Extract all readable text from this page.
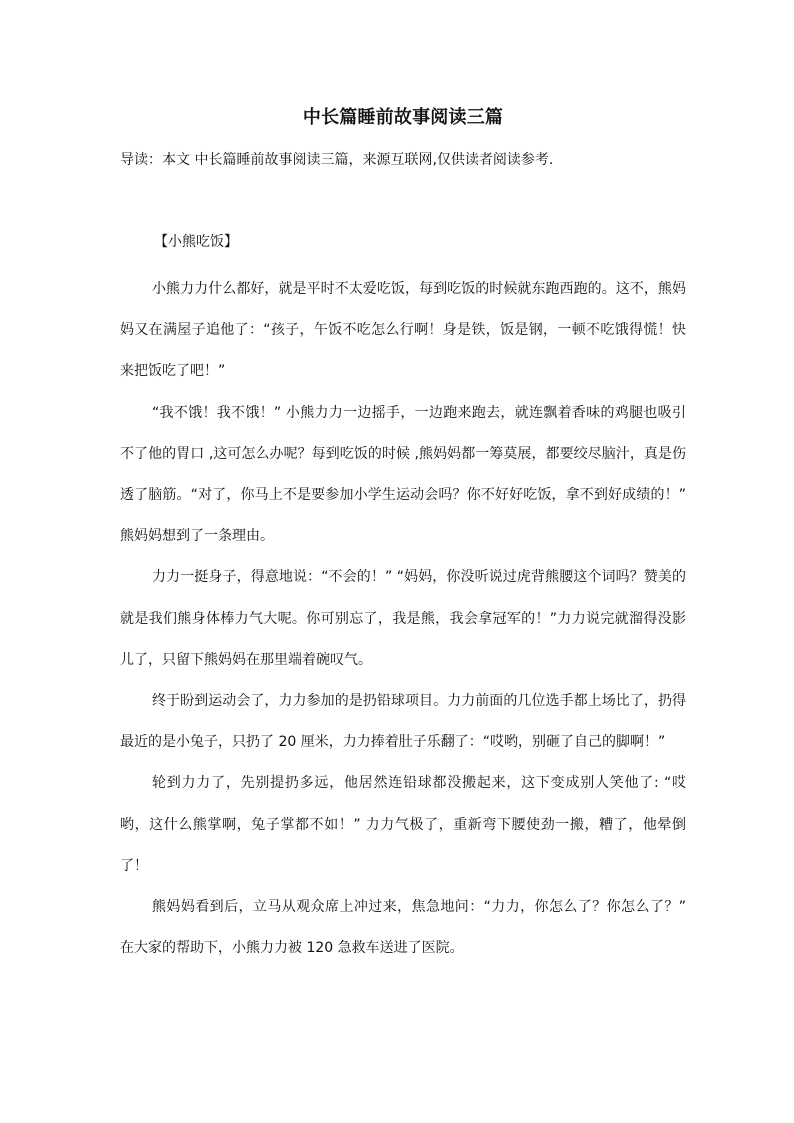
中长篇睡前故事阅读三篇
导读：本文 中长篇睡前故事阅读三篇，来源互联网,仅供读者阅读参考.
【小熊吃饭】

小熊力力什么都好，就是平时不太爱吃饭，每到吃饭的时候就东跑西跑的。这不，熊妈妈又在满屋子追他了：“孩子，午饭不吃怎么行啊！身是铁，饭是钢，一顿不吃饿得慌！快来把饭吃了吧！”

“我不饿！我不饿！” 小熊力力一边摇手，一边跑来跑去，就连飘着香味的鸡腿也吸引不了他的胃口 ,这可怎么办呢？每到吃饭的时候 ,熊妈妈都一筹莫展，都要绞尽脑汁，真是伤透了脑筋。“对了，你马上不是要参加小学生运动会吗？你不好好吃饭，拿不到好成绩的！” 熊妈妈想到了一条理由。

力力一挺身子，得意地说：“不会的！” “妈妈，你没听说过虎背熊腰这个词吗？赞美的就是我们熊身体棒力气大呢。你可别忘了，我是熊，我会拿冠军的！”力力说完就溜得没影儿了，只留下熊妈妈在那里端着碗叹气。

终于盼到运动会了，力力参加的是扔铅球项目。力力前面的几位选手都上场比了，扔得最近的是小兔子，只扔了 20 厘米，力力捧着肚子乐翻了：“哎哟，别砸了自己的脚啊！”

轮到力力了，先别提扔多远，他居然连铅球都没搬起来，这下变成别人笑他了: “哎哟，这什么熊掌啊，兔子掌都不如！” 力力气极了，重新弯下腰使劲一搬，糟了，他晕倒了！

熊妈妈看到后，立马从观众席上冲过来，焦急地问：“力力，你怎么了？你怎么了？” 在大家的帮助下，小熊力力被 120 急救车送进了医院。
